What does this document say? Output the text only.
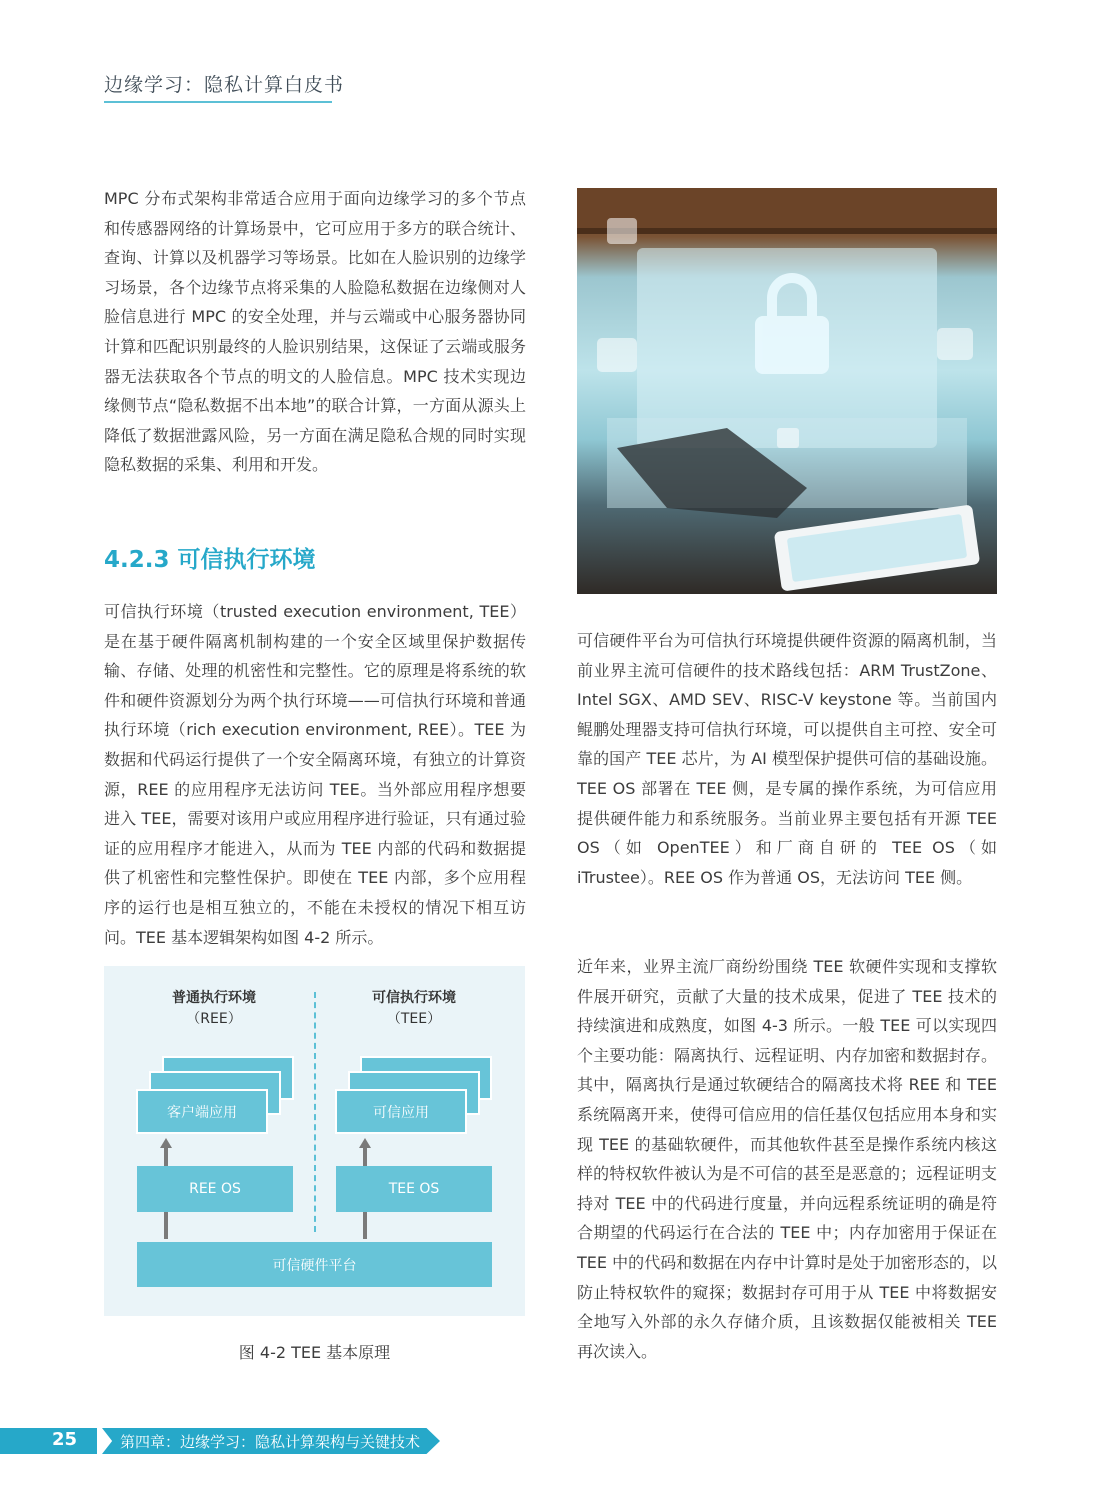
边缘学习：隐私计算白皮书

MPC 分布式架构非常适合应用于面向边缘学习的多个节点和传感器网络的计算场景中，它可应用于多方的联合统计、查询、计算以及机器学习等场景。比如在人脸识别的边缘学习场景，各个边缘节点将采集的人脸隐私数据在边缘侧对人脸信息进行 MPC 的安全处理，并与云端或中心服务器协同计算和匹配识别最终的人脸识别结果，这保证了云端或服务器无法获取各个节点的明文的人脸信息。MPC 技术实现边缘侧节点“隐私数据不出本地”的联合计算，一方面从源头上降低了数据泄露风险，另一方面在满足隐私合规的同时实现隐私数据的采集、利用和开发。

4.2.3 可信执行环境

可信执行环境（trusted execution environment, TEE）是在基于硬件隔离机制构建的一个安全区域里保护数据传输、存储、处理的机密性和完整性。它的原理是将系统的软件和硬件资源划分为两个执行环境——可信执行环境和普通执行环境（rich execution environment, REE）。TEE 为数据和代码运行提供了一个安全隔离环境，有独立的计算资源，REE 的应用程序无法访问 TEE。当外部应用程序想要进入 TEE，需要对该用户或应用程序进行验证，只有通过验证的应用程序才能进入，从而为 TEE 内部的代码和数据提供了机密性和完整性保护。即使在 TEE 内部，多个应用程序的运行也是相互独立的，不能在未授权的情况下相互访问。TEE 基本逻辑架构如图 4-2 所示。

可信硬件平台为可信执行环境提供硬件资源的隔离机制，当前业界主流可信硬件的技术路线包括：ARM TrustZone、Intel SGX、AMD SEV、RISC-V keystone 等。当前国内鲲鹏处理器支持可信执行环境，可以提供自主可控、安全可靠的国产 TEE 芯片，为 AI 模型保护提供可信的基础设施。TEE OS 部署在 TEE 侧，是专属的操作系统，为可信应用提供硬件能力和系统服务。当前业界主要包括有开源 TEE OS（如 OpenTEE）和厂商自研的 TEE OS（如 iTrustee）。REE OS 作为普通 OS，无法访问 TEE 侧。

近年来，业界主流厂商纷纷围绕 TEE 软硬件实现和支撑软件展开研究，贡献了大量的技术成果，促进了 TEE 技术的持续演进和成熟度，如图 4-3 所示。一般 TEE 可以实现四个主要功能：隔离执行、远程证明、内存加密和数据封存。其中，隔离执行是通过软硬结合的隔离技术将 REE 和 TEE 系统隔离开来，使得可信应用的信任基仅包括应用本身和实现 TEE 的基础软硬件，而其他软件甚至是操作系统内核这样的特权软件被认为是不可信的甚至是恶意的；远程证明支持对 TEE 中的代码进行度量，并向远程系统证明的确是符合期望的代码运行在合法的 TEE 中；内存加密用于保证在 TEE 中的代码和数据在内存中计算时是处于加密形态的，以防止特权软件的窥探；数据封存可用于从 TEE 中将数据安全地写入外部的永久存储介质，且该数据仅能被相关 TEE 再次读入。

普通执行环境
（REE）
可信执行环境
（TEE）
客户端应用	可信应用
REE OS	TEE OS
可信硬件平台
图 4-2 TEE 基本原理
25	第四章：边缘学习：隐私计算架构与关键技术
